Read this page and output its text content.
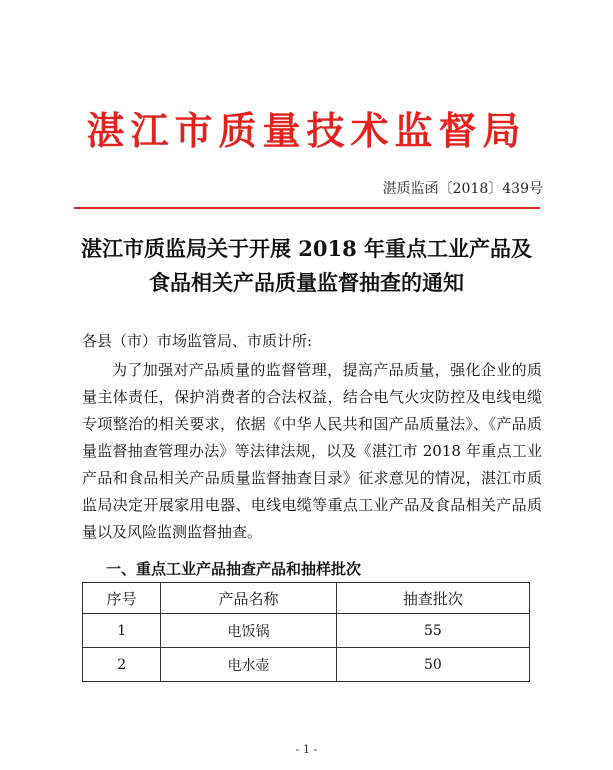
湛江市质量技术监督局
湛质监函〔2018〕439号
湛江市质监局关于开展 2018 年重点工业产品及
食品相关产品质量监督抽查的通知
各县（市）市场监管局、市质计所:

为了加强对产品质量的监督管理，提高产品质量，强化企业的质量主体责任，保护消费者的合法权益，结合电气火灾防控及电线电缆专项整治的相关要求，依据《中华人民共和国产品质量法》、《产品质量监督抽查管理办法》等法律法规，以及《湛江市 2018 年重点工业产品和食品相关产品质量监督抽查目录》征求意见的情况，湛江市质监局决定开展家用电器、电线电缆等重点工业产品及食品相关产品质量以及风险监测监督抽查。

一、重点工业产品抽查产品和抽样批次
序号	产品名称	抽查批次
1	电饭锅	55
2	电水壶	50
- 1 -
